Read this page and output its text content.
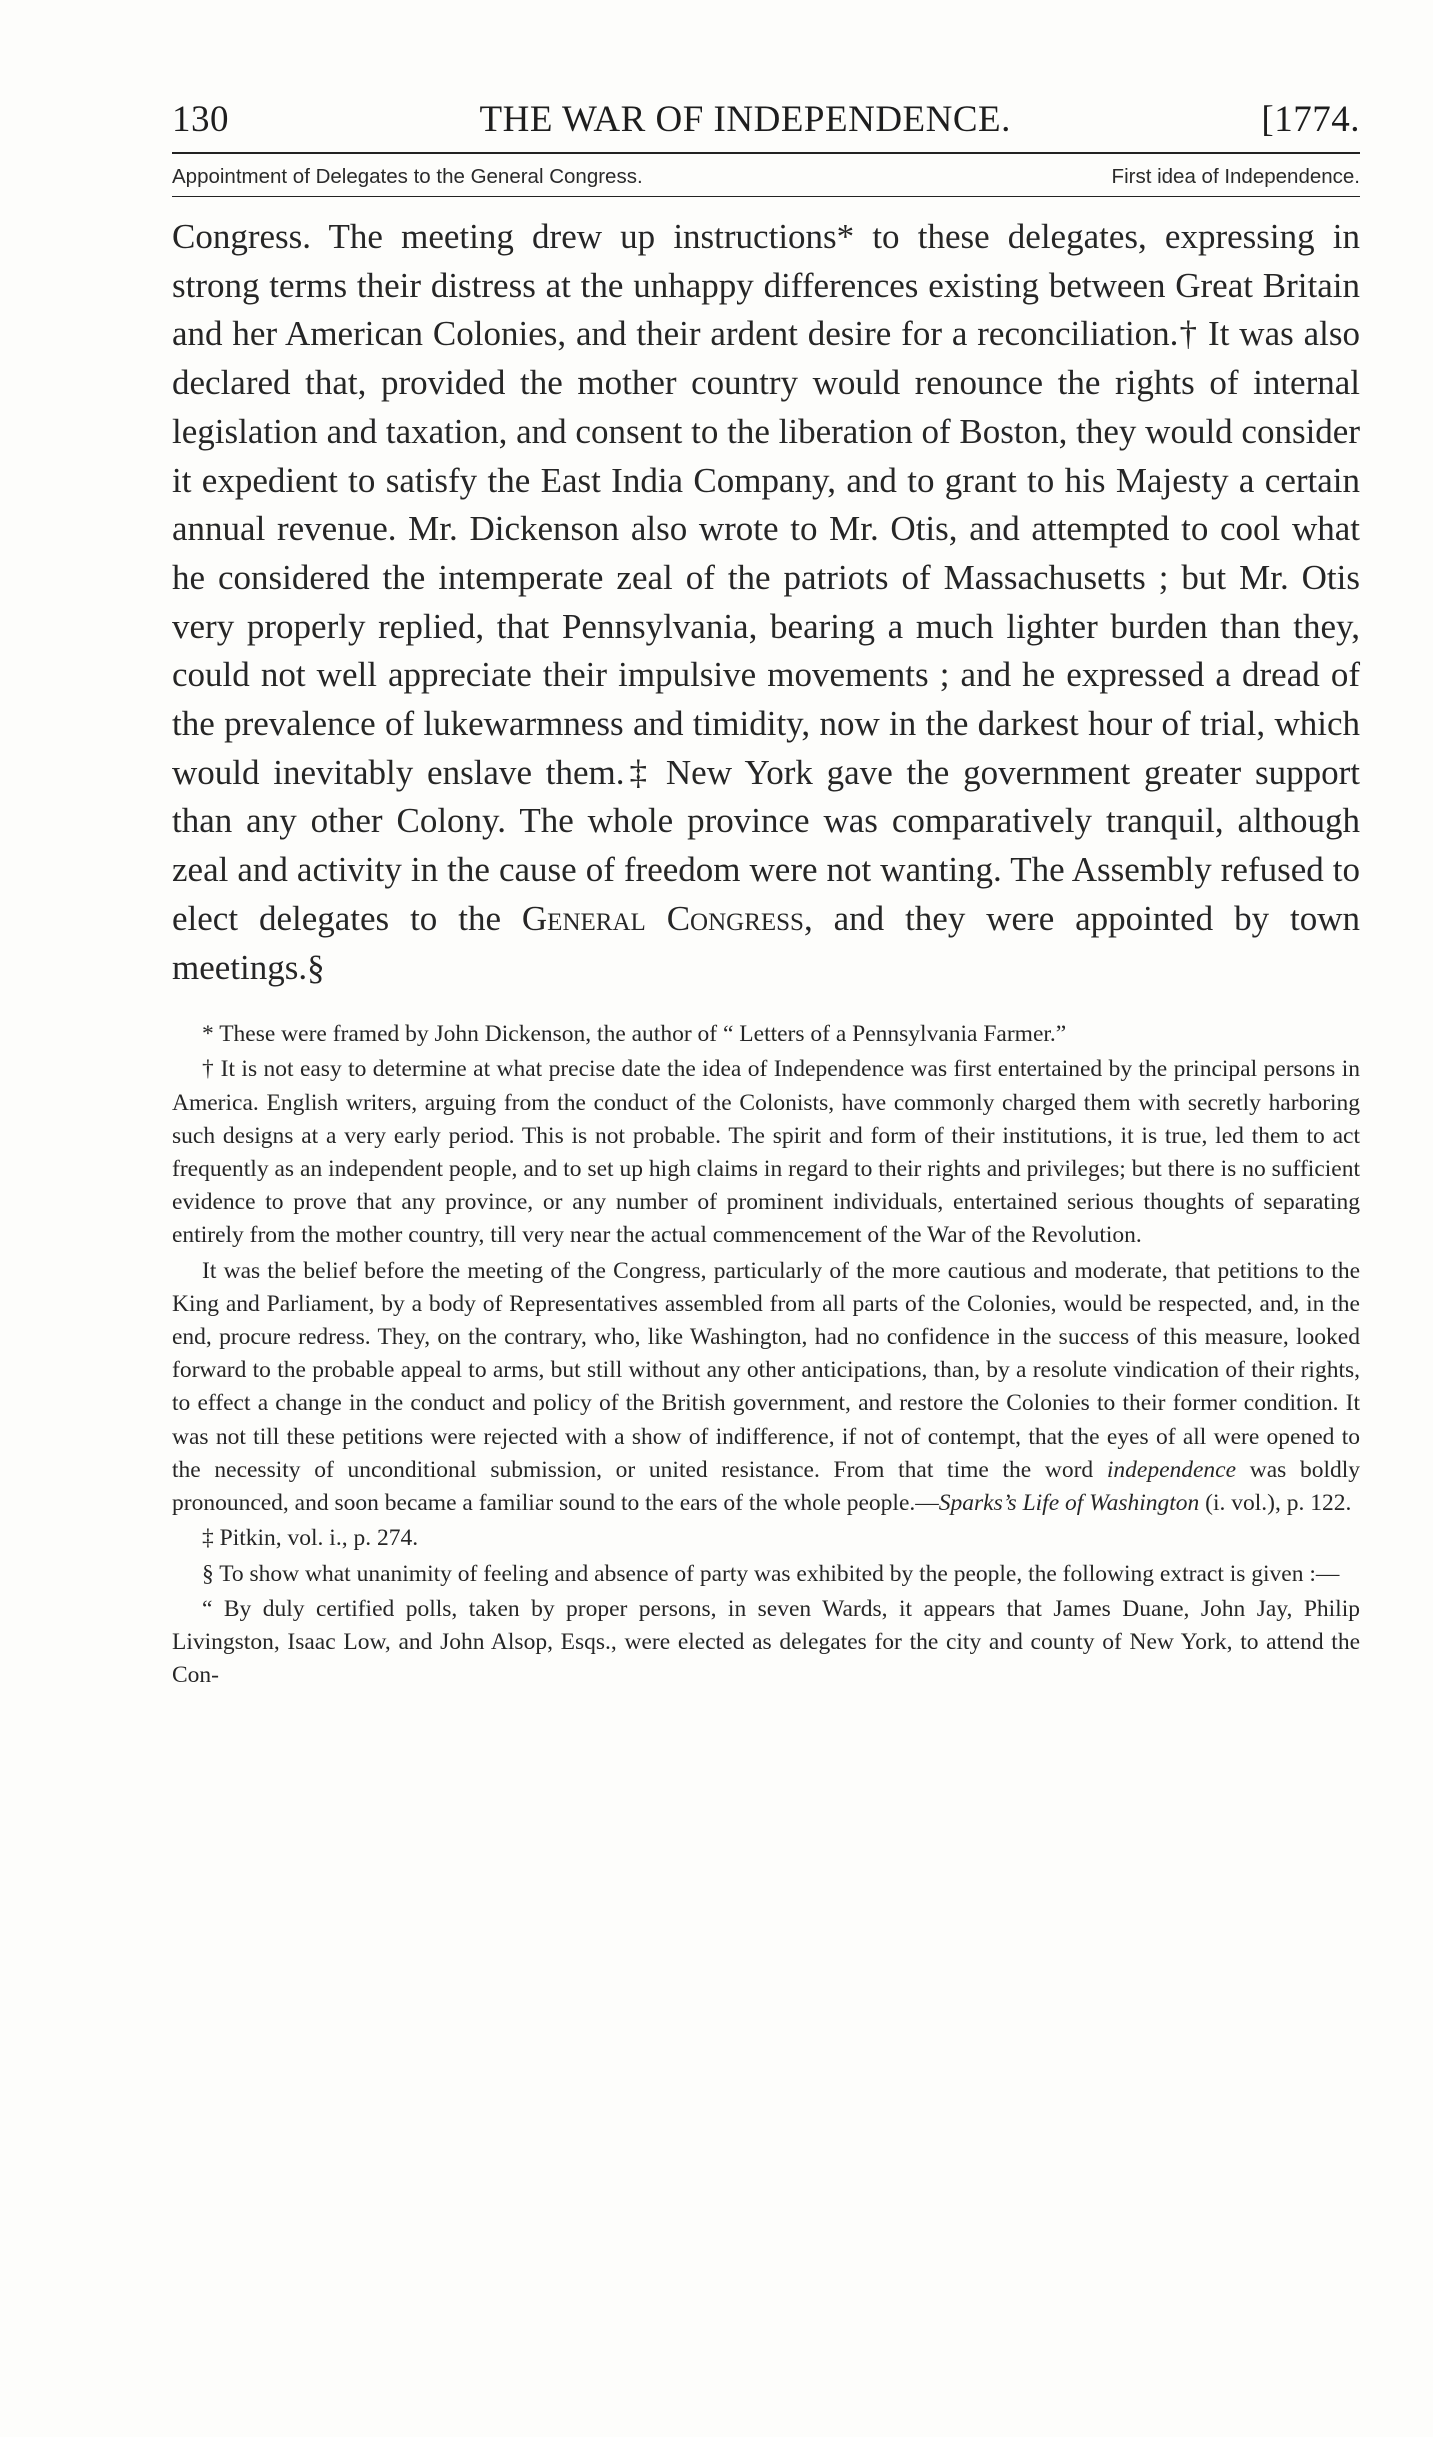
130	THE WAR OF INDEPENDENCE.	[1774.
Appointment of Delegates to the General Congress.	First idea of Independence.

Congress. The meeting drew up instructions* to these delegates, expressing in strong terms their distress at the unhappy differences existing between Great Britain and her American Colonies, and their ardent desire for a reconciliation.† It was also declared that, provided the mother country would renounce the rights of internal legislation and taxation, and consent to the liberation of Boston, they would consider it expedient to satisfy the East India Company, and to grant to his Majesty a certain annual revenue. Mr. Dickenson also wrote to Mr. Otis, and attempted to cool what he considered the intemperate zeal of the patriots of Massachusetts ; but Mr. Otis very properly replied, that Pennsylvania, bearing a much lighter burden than they, could not well appreciate their impulsive movements ; and he expressed a dread of the prevalence of lukewarmness and timidity, now in the darkest hour of trial, which would inevitably enslave them.‡ New York gave the government greater support than any other Colony. The whole province was comparatively tranquil, although zeal and activity in the cause of freedom were not wanting. The Assembly refused to elect delegates to the General Congress, and they were appointed by town meetings.§

* These were framed by John Dickenson, the author of “ Letters of a Pennsylvania Farmer.”

† It is not easy to determine at what precise date the idea of Independence was first entertained by the principal persons in America. English writers, arguing from the conduct of the Colonists, have commonly charged them with secretly harboring such designs at a very early period. This is not probable. The spirit and form of their institutions, it is true, led them to act frequently as an independent people, and to set up high claims in regard to their rights and privileges; but there is no sufficient evidence to prove that any province, or any number of prominent individuals, entertained serious thoughts of separating entirely from the mother country, till very near the actual commencement of the War of the Revolution.

It was the belief before the meeting of the Congress, particularly of the more cautious and moderate, that petitions to the King and Parliament, by a body of Representatives assembled from all parts of the Colonies, would be respected, and, in the end, procure redress. They, on the contrary, who, like Washington, had no confidence in the success of this measure, looked forward to the probable appeal to arms, but still without any other anticipations, than, by a resolute vindication of their rights, to effect a change in the conduct and policy of the British government, and restore the Colonies to their former condition. It was not till these petitions were rejected with a show of indifference, if not of contempt, that the eyes of all were opened to the necessity of unconditional submission, or united resistance. From that time the word independence was boldly pronounced, and soon became a familiar sound to the ears of the whole people.—Sparks’s Life of Washington (i. vol.), p. 122.

‡ Pitkin, vol. i., p. 274.

§ To show what unanimity of feeling and absence of party was exhibited by the people, the following extract is given :—

“ By duly certified polls, taken by proper persons, in seven Wards, it appears that James Duane, John Jay, Philip Livingston, Isaac Low, and John Alsop, Esqs., were elected as delegates for the city and county of New York, to attend the Con-
